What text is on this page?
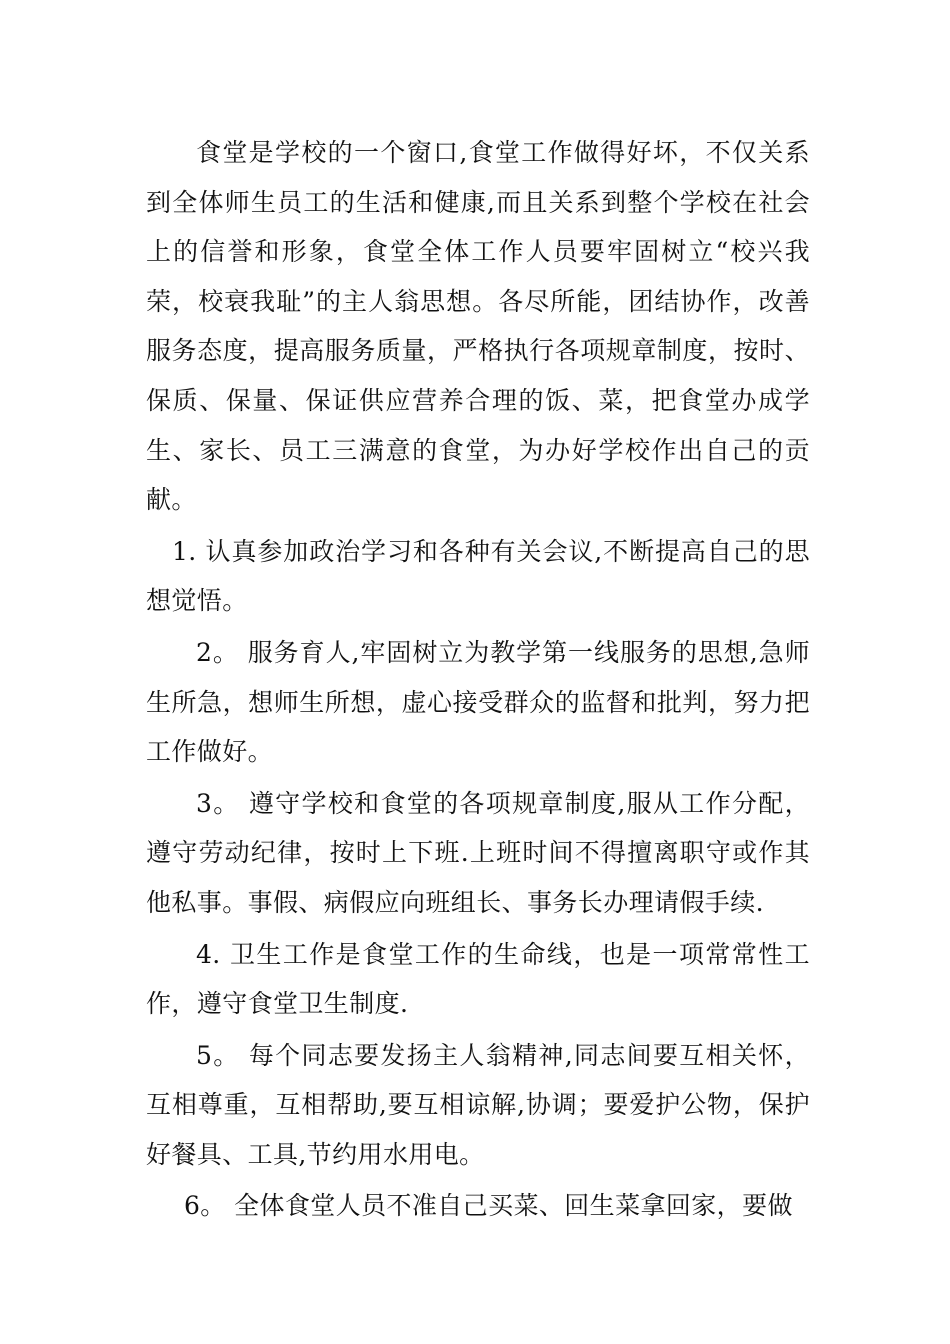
食堂是学校的一个窗口,食堂工作做得好坏，不仅关系到全体师生员工的生活和健康,而且关系到整个学校在社会上的信誉和形象，食堂全体工作人员要牢固树立“校兴我荣，校衰我耻”的主人翁思想。各尽所能，团结协作，改善服务态度，提高服务质量，严格执行各项规章制度，按时、保质、保量、保证供应营养合理的饭、菜，把食堂办成学生、家长、员工三满意的食堂，为办好学校作出自己的贡献。

1. 认真参加政治学习和各种有关会议,不断提高自己的思想觉悟。

2。 服务育人,牢固树立为教学第一线服务的思想,急师生所急，想师生所想，虚心接受群众的监督和批判，努力把工作做好。

3。 遵守学校和食堂的各项规章制度,服从工作分配，遵守劳动纪律，按时上下班.上班时间不得擅离职守或作其他私事。事假、病假应向班组长、事务长办理请假手续.

4. 卫生工作是食堂工作的生命线，也是一项常常性工作，遵守食堂卫生制度.

5。 每个同志要发扬主人翁精神,同志间要互相关怀，互相尊重，互相帮助,要互相谅解,协调；要爱护公物，保护好餐具、工具,节约用水用电。

6。 全体食堂人员不准自己买菜、回生菜拿回家，要做
